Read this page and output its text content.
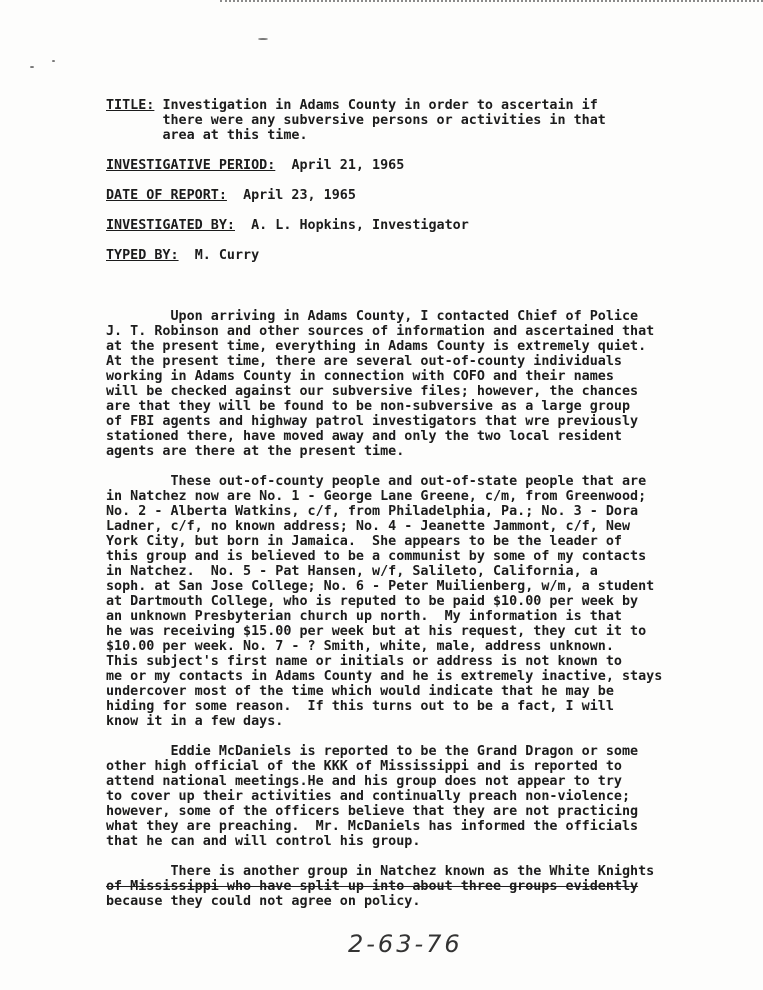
TITLE: Investigation in Adams County in order to ascertain if
there were any subversive persons or activities in that
area at this time.
INVESTIGATIVE PERIOD: April 21, 1965
DATE OF REPORT: April 23, 1965
INVESTIGATED BY: A. L. Hopkins, Investigator
TYPED BY: M. Curry
Upon arriving in Adams County, I contacted Chief of Police
J. T. Robinson and other sources of information and ascertained that
at the present time, everything in Adams County is extremely quiet.
At the present time, there are several out-of-county individuals
working in Adams County in connection with COFO and their names
will be checked against our subversive files; however, the chances
are that they will be found to be non-subversive as a large group
of FBI agents and highway patrol investigators that wre previously
stationed there, have moved away and only the two local resident
agents are there at the present time.
These out-of-county people and out-of-state people that are
in Natchez now are No. 1 - George Lane Greene, c/m, from Greenwood;
No. 2 - Alberta Watkins, c/f, from Philadelphia, Pa.; No. 3 - Dora
Ladner, c/f, no known address; No. 4 - Jeanette Jammont, c/f, New
York City, but born in Jamaica.  She appears to be the leader of
this group and is believed to be a communist by some of my contacts
in Natchez.  No. 5 - Pat Hansen, w/f, Salileto, California, a
soph. at San Jose College; No. 6 - Peter Muilienberg, w/m, a student
at Dartmouth College, who is reputed to be paid $10.00 per week by
an unknown Presbyterian church up north.  My information is that
he was receiving $15.00 per week but at his request, they cut it to
$10.00 per week. No. 7 - ? Smith, white, male, address unknown.
This subject's first name or initials or address is not known to
me or my contacts in Adams County and he is extremely inactive, stays
undercover most of the time which would indicate that he may be
hiding for some reason.  If this turns out to be a fact, I will
know it in a few days.
Eddie McDaniels is reported to be the Grand Dragon or some
other high official of the KKK of Mississippi and is reported to
attend national meetings.He and his group does not appear to try
to cover up their activities and continually preach non-violence;
however, some of the officers believe that they are not practicing
what they are preaching.  Mr. McDaniels has informed the officials
that he can and will control his group.
There is another group in Natchez known as the White Knights
of Mississippi who have split up into about three groups evidently
because they could not agree on policy.
2-63-76
